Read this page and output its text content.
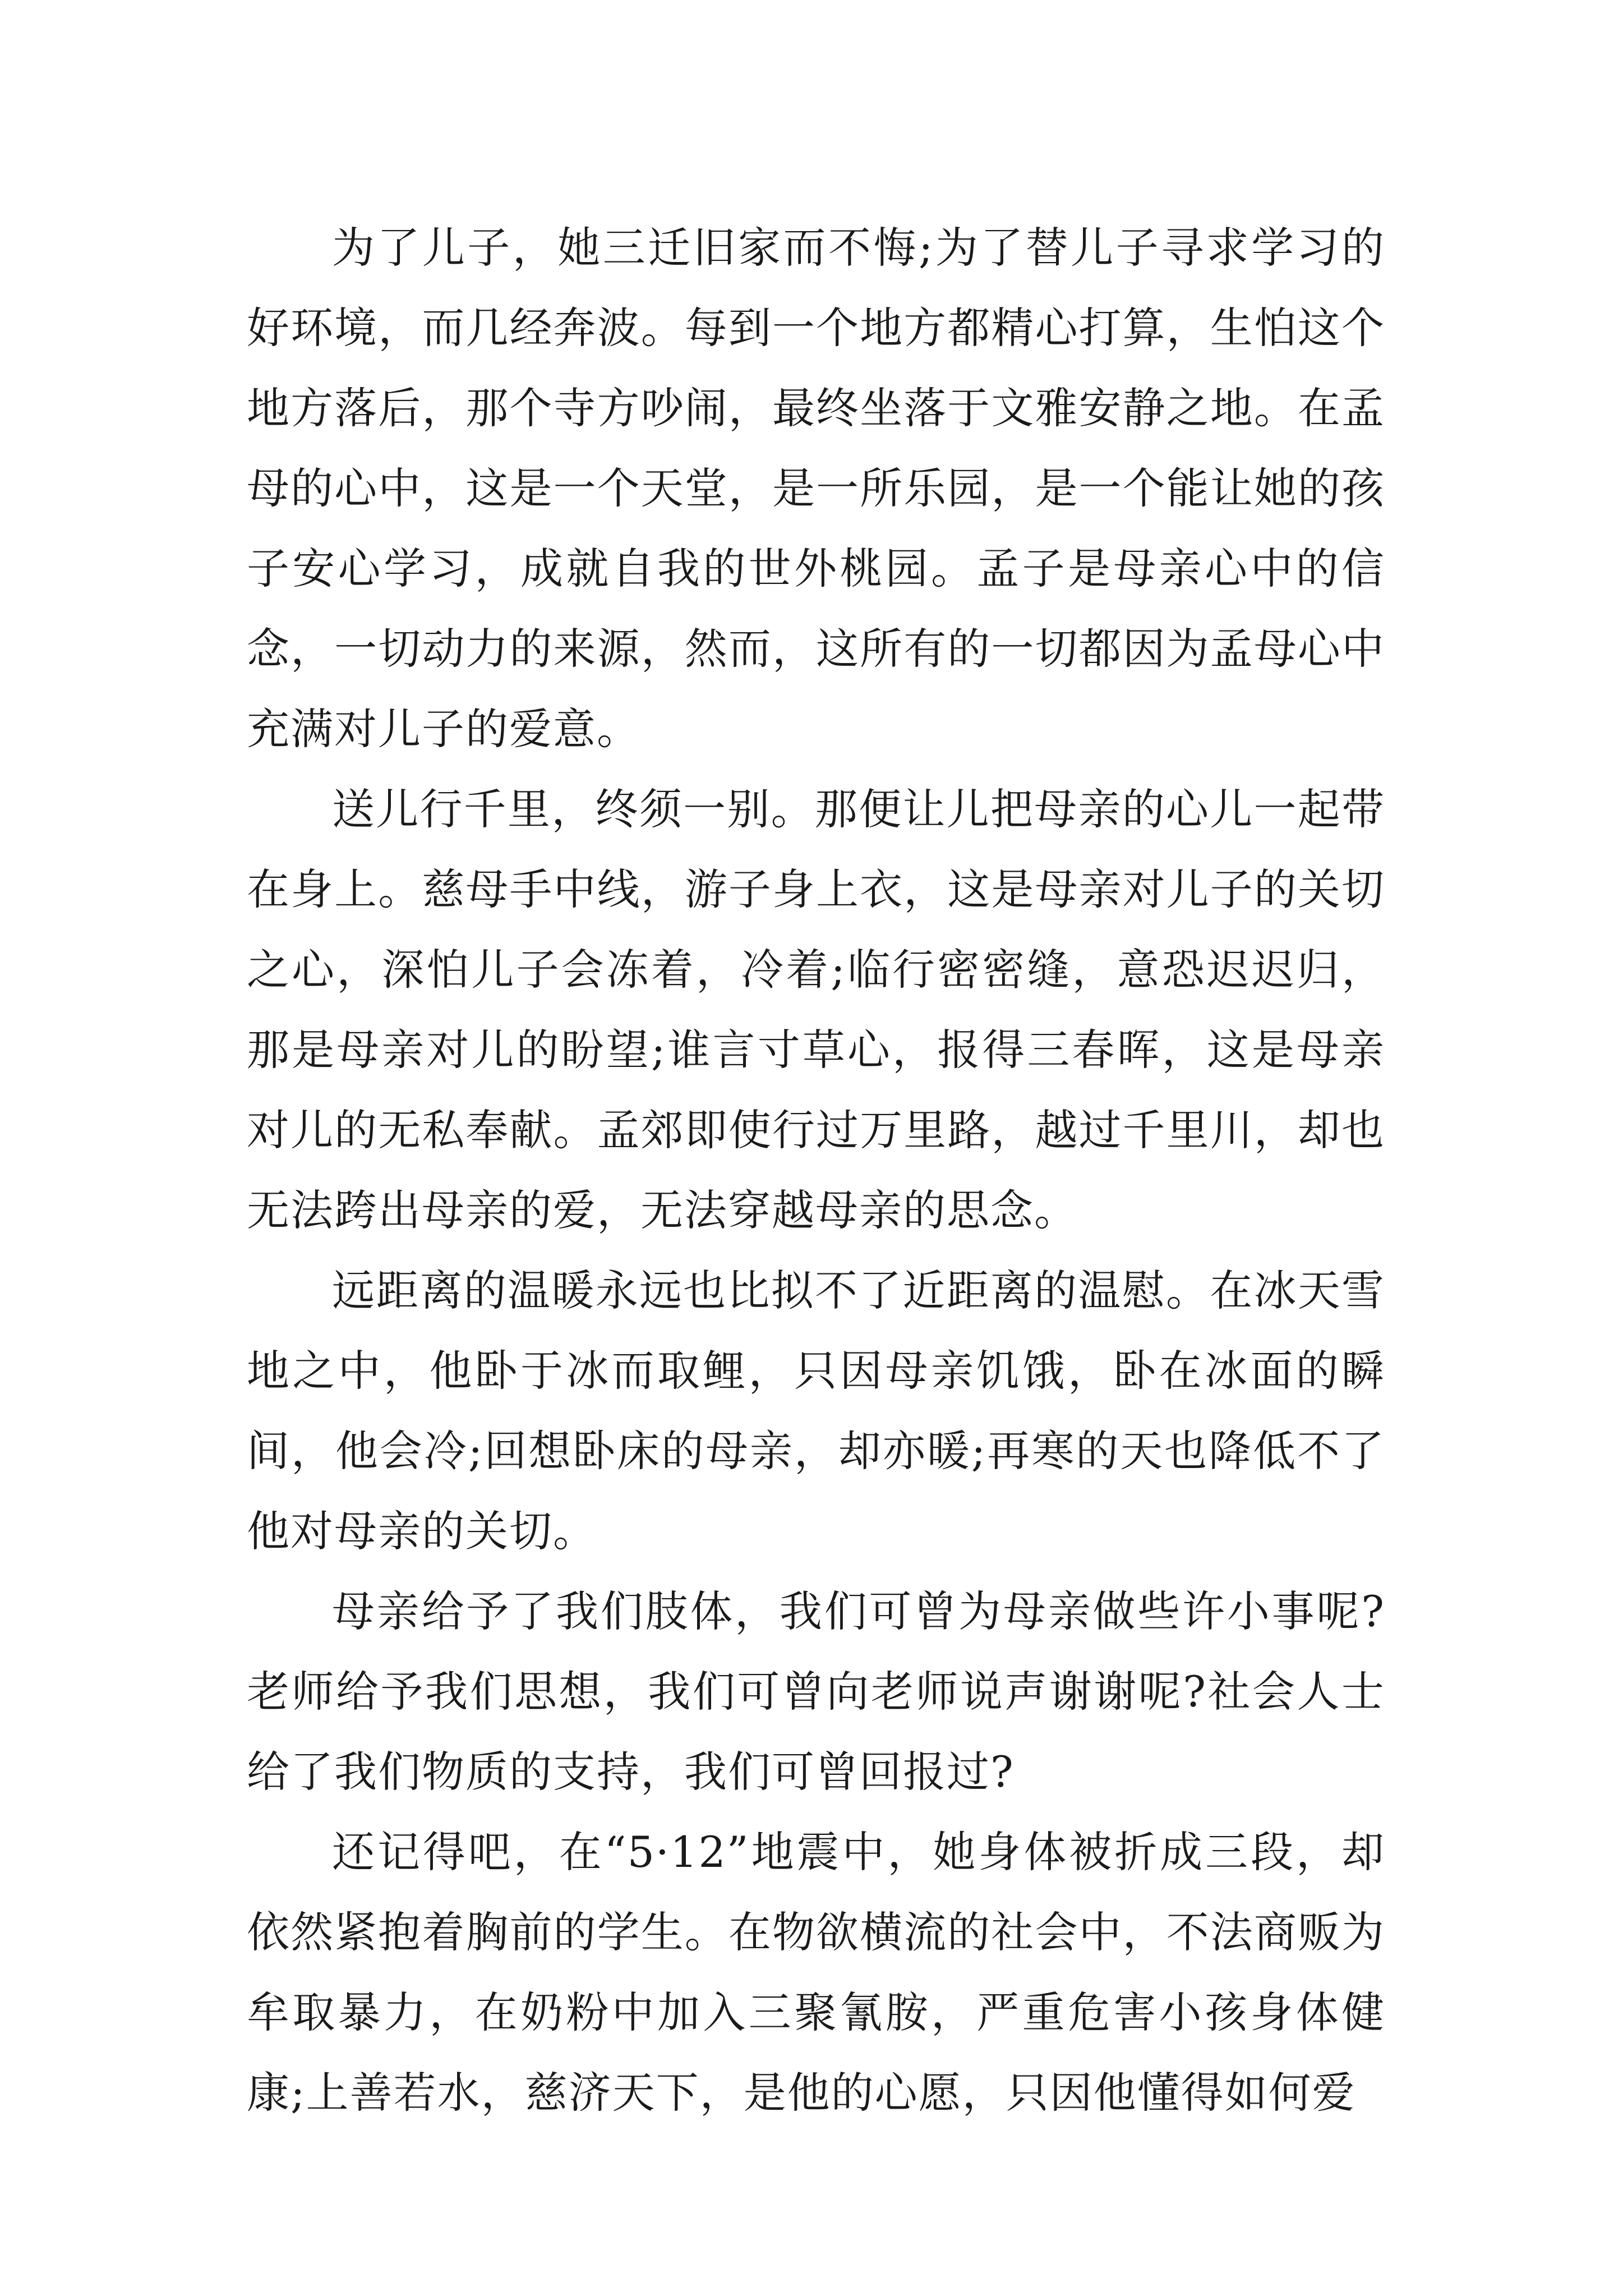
为了儿子，她三迁旧家而不悔;为了替儿子寻求学习的好环境，而几经奔波。每到一个地方都精心打算，生怕这个地方落后，那个寺方吵闹，最终坐落于文雅安静之地。在孟母的心中，这是一个天堂，是一所乐园，是一个能让她的孩子安心学习，成就自我的世外桃园。孟子是母亲心中的信念，一切动力的来源，然而，这所有的一切都因为孟母心中充满对儿子的爱意。

送儿行千里，终须一别。那便让儿把母亲的心儿一起带在身上。慈母手中线，游子身上衣，这是母亲对儿子的关切之心，深怕儿子会冻着，冷着;临行密密缝，意恐迟迟归，那是母亲对儿的盼望;谁言寸草心，报得三春晖，这是母亲对儿的无私奉献。孟郊即使行过万里路，越过千里川，却也无法跨出母亲的爱，无法穿越母亲的思念。

远距离的温暖永远也比拟不了近距离的温慰。在冰天雪地之中，他卧于冰而取鲤，只因母亲饥饿，卧在冰面的瞬间，他会冷;回想卧床的母亲，却亦暖;再寒的天也降低不了他对母亲的关切。

母亲给予了我们肢体，我们可曾为母亲做些许小事呢?老师给予我们思想，我们可曾向老师说声谢谢呢?社会人士给了我们物质的支持，我们可曾回报过?

还记得吧，在“5·12”地震中，她身体被折成三段，却依然紧抱着胸前的学生。在物欲横流的社会中，不法商贩为牟取暴力，在奶粉中加入三聚氰胺，严重危害小孩身体健康;上善若水，慈济天下，是他的心愿，只因他懂得如何爱
